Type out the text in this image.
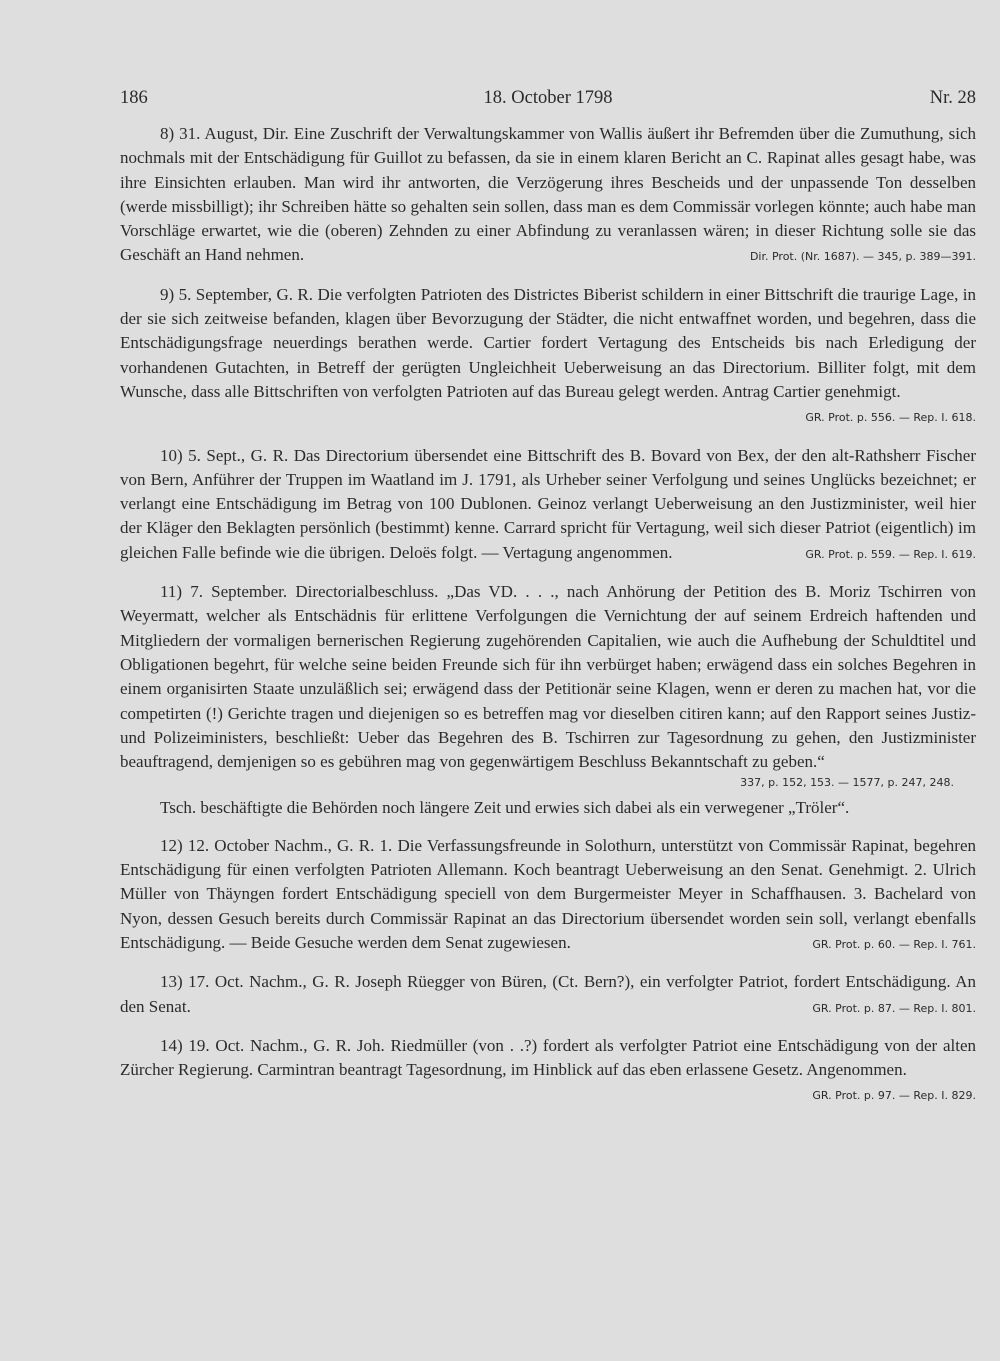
186	18. October 1798	Nr. 28

8) 31. August, Dir. Eine Zuschrift der Verwaltungskammer von Wallis äußert ihr Befremden über die Zumuthung, sich nochmals mit der Entschädigung für Guillot zu befassen, da sie in einem klaren Bericht an C. Rapinat alles gesagt habe, was ihre Einsichten erlauben. Man wird ihr antworten, die Verzögerung ihres Bescheids und der unpassende Ton desselben (werde missbilligt); ihr Schreiben hätte so gehalten sein sollen, dass man es dem Commissär vorlegen könnte; auch habe man Vorschläge erwartet, wie die (oberen) Zehnden zu einer Abfindung zu veranlassen wären; in dieser Richtung solle sie das Geschäft an Hand nehmen.	Dir. Prot. (Nr. 1687). — 345, p. 389—391.

9) 5. September, G. R. Die verfolgten Patrioten des Districtes Biberist schildern in einer Bittschrift die traurige Lage, in der sie sich zeitweise befanden, klagen über Bevorzugung der Städter, die nicht entwaffnet worden, und begehren, dass die Entschädigungsfrage neuerdings berathen werde. Cartier fordert Vertagung des Entscheids bis nach Erledigung der vorhandenen Gutachten, in Betreff der gerügten Ungleichheit Ueberweisung an das Directorium. Billiter folgt, mit dem Wunsche, dass alle Bittschriften von verfolgten Patrioten auf das Bureau gelegt werden. Antrag Cartier genehmigt.
GR. Prot. p. 556. — Rep. I. 618.

10) 5. Sept., G. R. Das Directorium übersendet eine Bittschrift des B. Bovard von Bex, der den alt-Rathsherr Fischer von Bern, Anführer der Truppen im Waatland im J. 1791, als Urheber seiner Verfolgung und seines Unglücks bezeichnet; er verlangt eine Entschädigung im Betrag von 100 Dublonen. Geinoz verlangt Ueberweisung an den Justizminister, weil hier der Kläger den Beklagten persönlich (bestimmt) kenne. Carrard spricht für Vertagung, weil sich dieser Patriot (eigentlich) im gleichen Falle befinde wie die übrigen. Deloës folgt. — Vertagung angenommen.	GR. Prot. p. 559. — Rep. I. 619.

11) 7. September. Directorialbeschluss. „Das VD. . . ., nach Anhörung der Petition des B. Moriz Tschirren von Weyermatt, welcher als Entschädnis für erlittene Verfolgungen die Vernichtung der auf seinem Erdreich haftenden und Mitgliedern der vormaligen bernerischen Regierung zugehörenden Capitalien, wie auch die Aufhebung der Schuldtitel und Obligationen begehrt, für welche seine beiden Freunde sich für ihn verbürget haben; erwägend dass ein solches Begehren in einem organisirten Staate unzuläßlich sei; erwägend dass der Petitionär seine Klagen, wenn er deren zu machen hat, vor die competirten (!) Gerichte tragen und diejenigen so es betreffen mag vor dieselben citiren kann; auf den Rapport seines Justiz- und Polizeiministers, beschließt: Ueber das Begehren des B. Tschirren zur Tagesordnung zu gehen, den Justizminister beauftragend, demjenigen so es gebühren mag von gegenwärtigem Beschluss Bekanntschaft zu geben.“

337, p. 152, 153. — 1577, p. 247, 248.

Tsch. beschäftigte die Behörden noch längere Zeit und erwies sich dabei als ein verwegener „Tröler“.

12) 12. October Nachm., G. R. 1. Die Verfassungsfreunde in Solothurn, unterstützt von Commissär Rapinat, begehren Entschädigung für einen verfolgten Patrioten Allemann. Koch beantragt Ueberweisung an den Senat. Genehmigt. 2. Ulrich Müller von Thäyngen fordert Entschädigung speciell von dem Burgermeister Meyer in Schaffhausen. 3. Bachelard von Nyon, dessen Gesuch bereits durch Commissär Rapinat an das Directorium übersendet worden sein soll, verlangt ebenfalls Entschädigung. — Beide Gesuche werden dem Senat zugewiesen.	GR. Prot. p. 60. — Rep. I. 761.

13) 17. Oct. Nachm., G. R. Joseph Rüegger von Büren, (Ct. Bern?), ein verfolgter Patriot, fordert Entschädigung. An den Senat.	GR. Prot. p. 87. — Rep. I. 801.

14) 19. Oct. Nachm., G. R. Joh. Riedmüller (von . .?) fordert als verfolgter Patriot eine Entschädigung von der alten Zürcher Regierung. Carmintran beantragt Tagesordnung, im Hinblick auf das eben erlassene Gesetz. Angenommen.
GR. Prot. p. 97. — Rep. I. 829.
